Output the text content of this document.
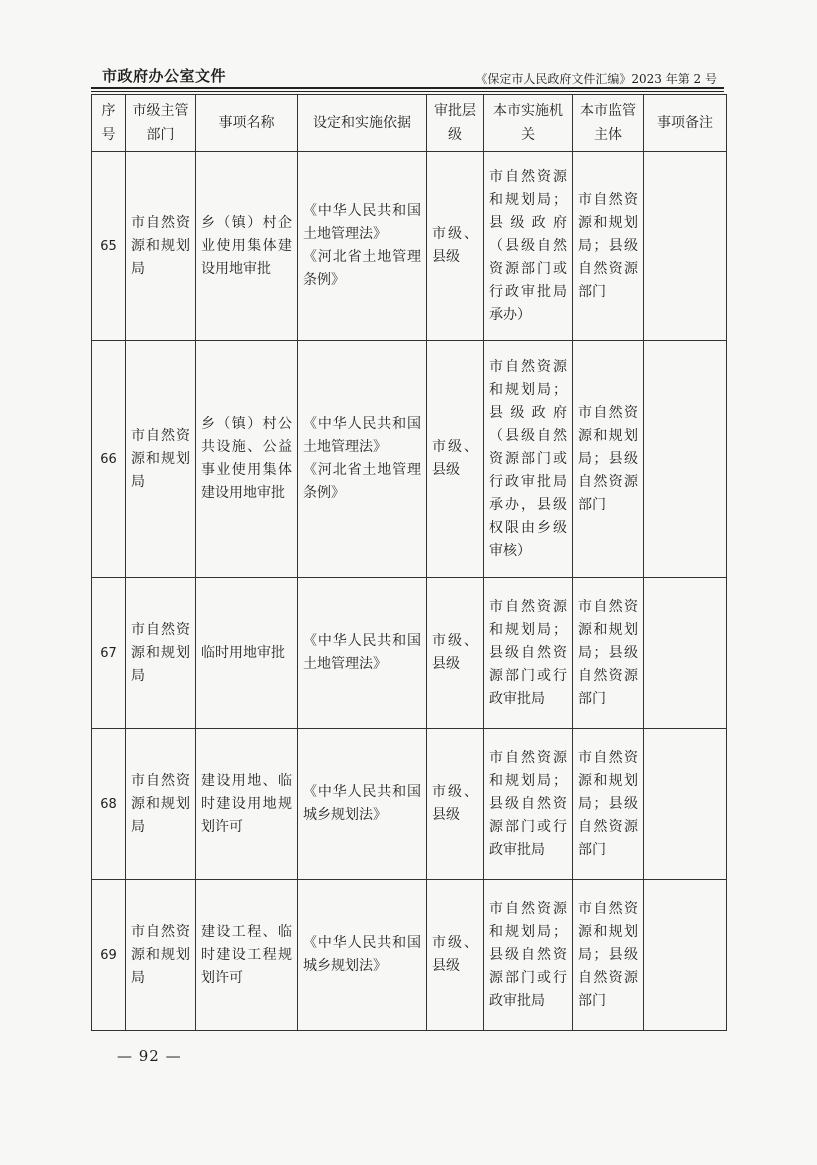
市政府办公室文件	《保定市人民政府文件汇编》2023 年第 2 号
序号	市级主管部门	事项名称	设定和实施依据	审批层级	本市实施机关	本市监管主体	事项备注
65	市自然资源和规划局	乡（镇）村企业使用集体建设用地审批	《中华人民共和国土地管理法》
《河北省土地管理条例》	市级、县级	市自然资源和规划局；县级政府（县级自然资源部门或行政审批局承办）	市自然资源和规划局；县级自然资源部门	
66	市自然资源和规划局	乡（镇）村公共设施、公益事业使用集体建设用地审批	《中华人民共和国土地管理法》
《河北省土地管理条例》	市级、县级	市自然资源和规划局；县级政府（县级自然资源部门或行政审批局承办，县级权限由乡级审核）	市自然资源和规划局；县级自然资源部门	
67	市自然资源和规划局	临时用地审批	《中华人民共和国土地管理法》	市级、县级	市自然资源和规划局；县级自然资源部门或行政审批局	市自然资源和规划局；县级自然资源部门	
68	市自然资源和规划局	建设用地、临时建设用地规划许可	《中华人民共和国城乡规划法》	市级、县级	市自然资源和规划局；县级自然资源部门或行政审批局	市自然资源和规划局；县级自然资源部门	
69	市自然资源和规划局	建设工程、临时建设工程规划许可	《中华人民共和国城乡规划法》	市级、县级	市自然资源和规划局；县级自然资源部门或行政审批局	市自然资源和规划局；县级自然资源部门	
— 92 —
